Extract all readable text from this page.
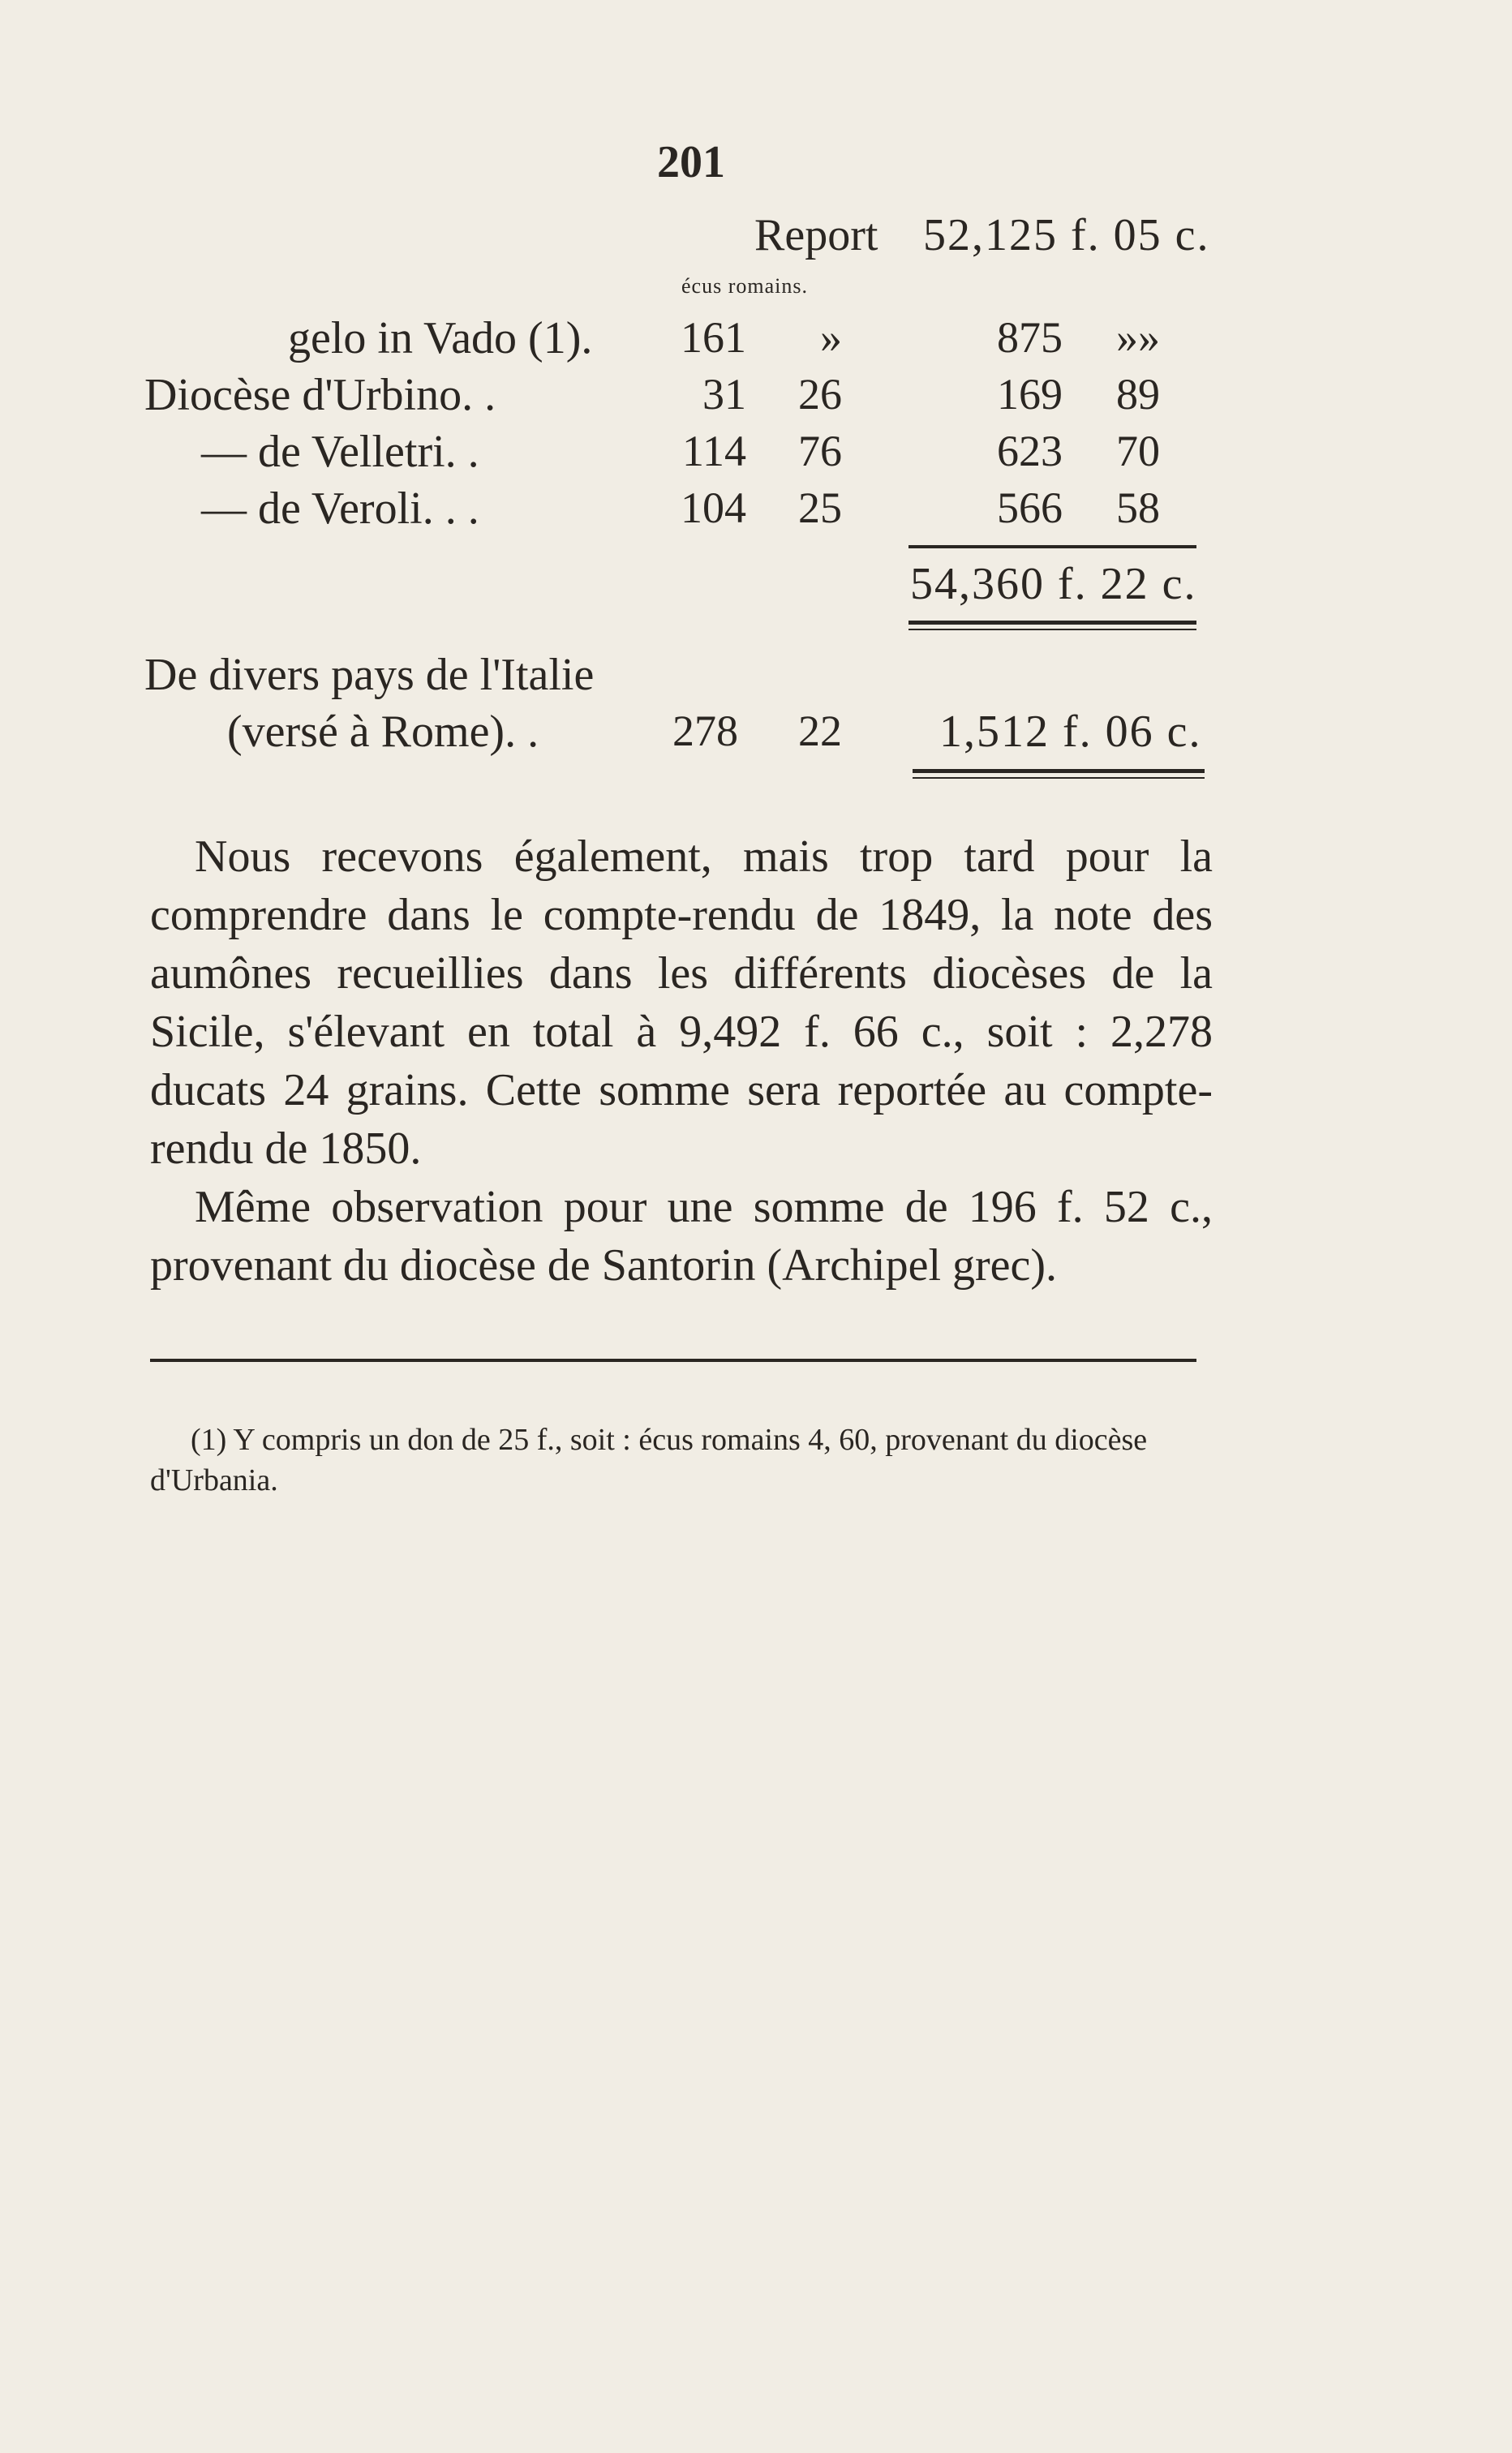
201
Report 52,125 f. 05 c.
écus romains.
gelo in Vado (1).	161	»	875	»»
Diocèse d'Urbino. .	31	26	169	89
— de Velletri. .	114	76	623	70
— de Veroli. . .	104	25	566	58
54,360 f. 22 c.
De divers pays de l'Italie
(versé à Rome). .	278	22 1,512 f. 06 c.
Nous recevons également, mais trop tard pour la comprendre dans le compte-rendu de 1849, la note des aumônes recueillies dans les différents diocèses de la Sicile, s'élevant en total à 9,492 f. 66 c., soit : 2,278 ducats 24 grains. Cette somme sera reportée au compte-rendu de 1850.
Même observation pour une somme de 196 f. 52 c., provenant du diocèse de Santorin (Archipel grec).
(1) Y compris un don de 25 f., soit : écus romains 4, 60, provenant du diocèse d'Urbania.
